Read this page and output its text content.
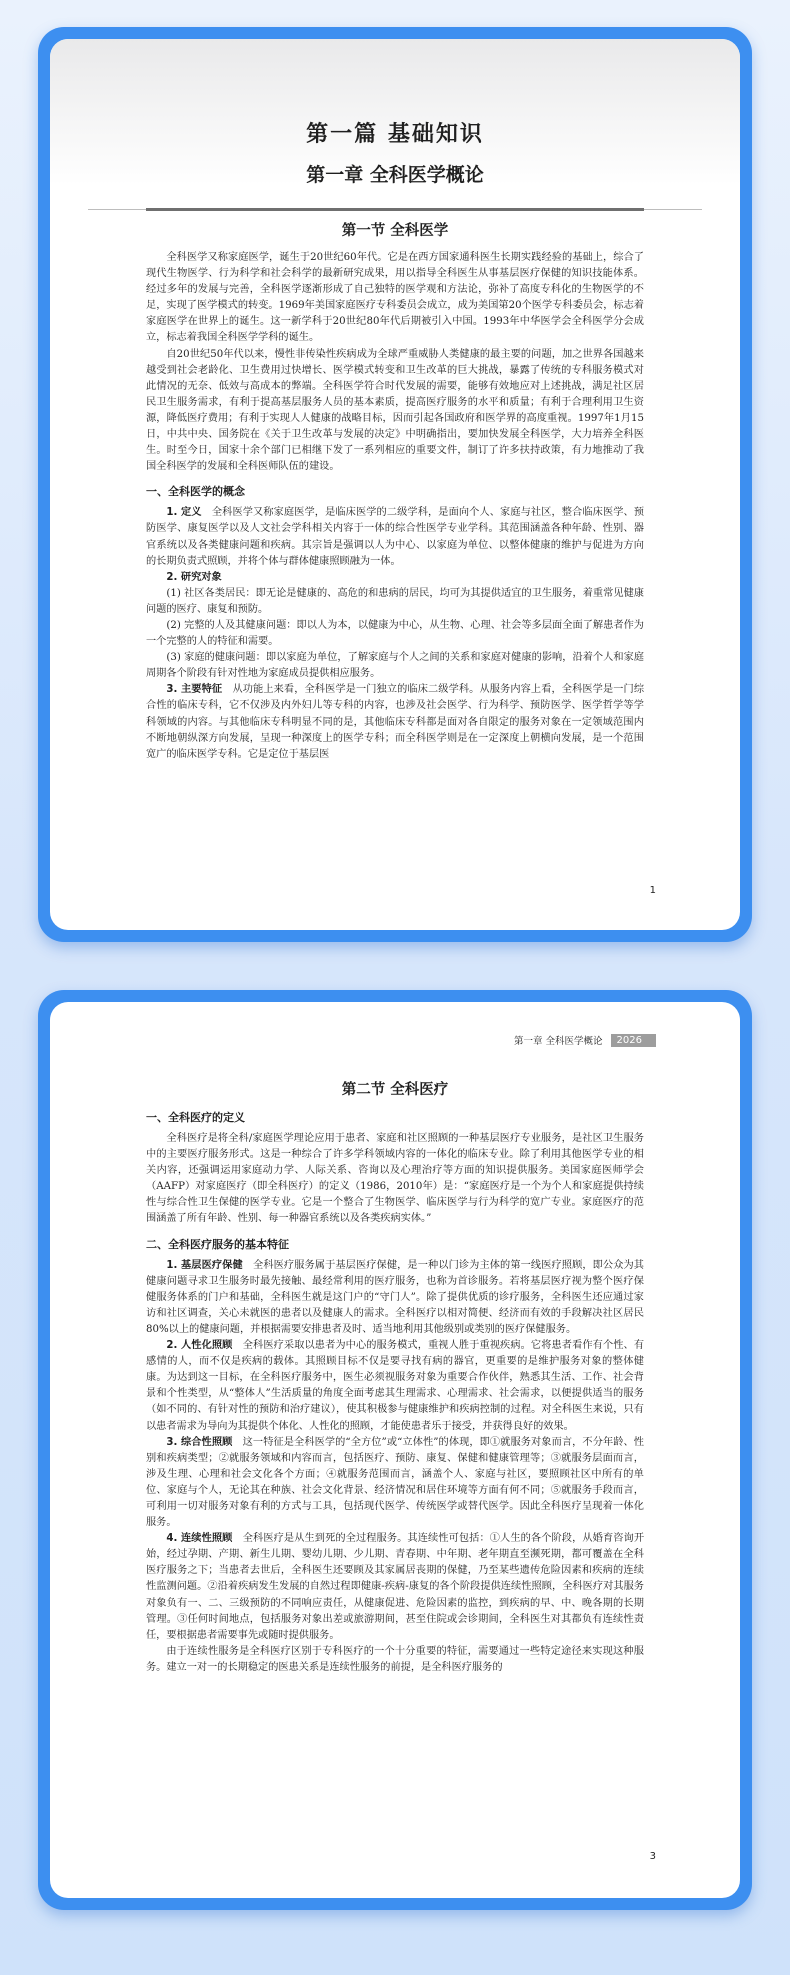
第一篇 基础知识
第一章 全科医学概论
第一节 全科医学

全科医学又称家庭医学，诞生于20世纪60年代。它是在西方国家通科医生长期实践经验的基础上，综合了现代生物医学、行为科学和社会科学的最新研究成果，用以指导全科医生从事基层医疗保健的知识技能体系。经过多年的发展与完善，全科医学逐渐形成了自己独特的医学观和方法论，弥补了高度专科化的生物医学的不足，实现了医学模式的转变。1969年美国家庭医疗专科委员会成立，成为美国第20个医学专科委员会，标志着家庭医学在世界上的诞生。这一新学科于20世纪80年代后期被引入中国。1993年中华医学会全科医学分会成立，标志着我国全科医学学科的诞生。

自20世纪50年代以来，慢性非传染性疾病成为全球严重威胁人类健康的最主要的问题，加之世界各国越来越受到社会老龄化、卫生费用过快增长、医学模式转变和卫生改革的巨大挑战，暴露了传统的专科服务模式对此情况的无奈、低效与高成本的弊端。全科医学符合时代发展的需要，能够有效地应对上述挑战，满足社区居民卫生服务需求，有利于提高基层服务人员的基本素质，提高医疗服务的水平和质量；有利于合理利用卫生资源，降低医疗费用；有利于实现人人健康的战略目标，因而引起各国政府和医学界的高度重视。1997年1月15日，中共中央、国务院在《关于卫生改革与发展的决定》中明确指出，要加快发展全科医学，大力培养全科医生。时至今日，国家十余个部门已相继下发了一系列相应的重要文件，制订了许多扶持政策，有力地推动了我国全科医学的发展和全科医师队伍的建设。

一、全科医学的概念

1. 定义　 全科医学又称家庭医学，是临床医学的二级学科，是面向个人、家庭与社区，整合临床医学、预防医学、康复医学以及人文社会学科相关内容于一体的综合性医学专业学科。其范围涵盖各种年龄、性别、器官系统以及各类健康问题和疾病。其宗旨是强调以人为中心、以家庭为单位、以整体健康的维护与促进为方向的长期负责式照顾，并将个体与群体健康照顾融为一体。

2. 研究对象

(1) 社区各类居民：即无论是健康的、高危的和患病的居民，均可为其提供适宜的卫生服务，着重常见健康问题的医疗、康复和预防。

(2) 完整的人及其健康问题：即以人为本，以健康为中心，从生物、心理、社会等多层面全面了解患者作为一个完整的人的特征和需要。

(3) 家庭的健康问题：即以家庭为单位，了解家庭与个人之间的关系和家庭对健康的影响，沿着个人和家庭周期各个阶段有针对性地为家庭成员提供相应服务。

3. 主要特征　 从功能上来看，全科医学是一门独立的临床二级学科。从服务内容上看，全科医学是一门综合性的临床专科，它不仅涉及内外妇儿等专科的内容，也涉及社会医学、行为科学、预防医学、医学哲学等学科领域的内容。与其他临床专科明显不同的是，其他临床专科都是面对各自限定的服务对象在一定领域范围内不断地朝纵深方向发展，呈现一种深度上的医学专科；而全科医学则是在一定深度上朝横向发展，是一个范围宽广的临床医学专科。它是定位于基层医

1
第一章 全科医学概论	2026
第二节 全科医疗
一、全科医疗的定义

全科医疗是将全科/家庭医学理论应用于患者、家庭和社区照顾的一种基层医疗专业服务，是社区卫生服务中的主要医疗服务形式。这是一种综合了许多学科领域内容的一体化的临床专业。除了利用其他医学专业的相关内容，还强调运用家庭动力学、人际关系、咨询以及心理治疗等方面的知识提供服务。美国家庭医师学会（AAFP）对家庭医疗（即全科医疗）的定义（1986，2010年）是：“家庭医疗是一个为个人和家庭提供持续性与综合性卫生保健的医学专业。它是一个整合了生物医学、临床医学与行为科学的宽广专业。家庭医疗的范围涵盖了所有年龄、性别、每一种器官系统以及各类疾病实体。”

二、全科医疗服务的基本特征

1. 基层医疗保健　 全科医疗服务属于基层医疗保健，是一种以门诊为主体的第一线医疗照顾，即公众为其健康问题寻求卫生服务时最先接触、最经常利用的医疗服务，也称为首诊服务。若将基层医疗视为整个医疗保健服务体系的门户和基础，全科医生就是这门户的“守门人”。除了提供优质的诊疗服务，全科医生还应通过家访和社区调查，关心未就医的患者以及健康人的需求。全科医疗以相对简便、经济而有效的手段解决社区居民80%以上的健康问题，并根据需要安排患者及时、适当地利用其他级别或类别的医疗保健服务。

2. 人性化照顾　 全科医疗采取以患者为中心的服务模式，重视人胜于重视疾病。它将患者看作有个性、有感情的人，而不仅是疾病的载体。其照顾目标不仅是要寻找有病的器官，更重要的是维护服务对象的整体健康。为达到这一目标，在全科医疗服务中，医生必须视服务对象为重要合作伙伴，熟悉其生活、工作、社会背景和个性类型，从“整体人”生活质量的角度全面考虑其生理需求、心理需求、社会需求，以便提供适当的服务（如不同的、有针对性的预防和治疗建议），使其积极参与健康维护和疾病控制的过程。对全科医生来说，只有以患者需求为导向为其提供个体化、人性化的照顾，才能使患者乐于接受，并获得良好的效果。

3. 综合性照顾　 这一特征是全科医学的“全方位”或“立体性”的体现，即①就服务对象而言，不分年龄、性别和疾病类型；②就服务领域和内容而言，包括医疗、预防、康复、保健和健康管理等；③就服务层面而言，涉及生理、心理和社会文化各个方面；④就服务范围而言，涵盖个人、家庭与社区，要照顾社区中所有的单位、家庭与个人，无论其在种族、社会文化背景、经济情况和居住环境等方面有何不同；⑤就服务手段而言，可利用一切对服务对象有利的方式与工具，包括现代医学、传统医学或替代医学。因此全科医疗呈现着一体化服务。

4. 连续性照顾　 全科医疗是从生到死的全过程服务。其连续性可包括：①人生的各个阶段，从婚育咨询开始，经过孕期、产期、新生儿期、婴幼儿期、少儿期、青春期、中年期、老年期直至濒死期，都可覆盖在全科医疗服务之下；当患者去世后，全科医生还要顾及其家属居丧期的保健，乃至某些遗传危险因素和疾病的连续性监测问题。②沿着疾病发生发展的自然过程即健康-疾病-康复的各个阶段提供连续性照顾，全科医疗对其服务对象负有一、二、三级预防的不同响应责任，从健康促进、危险因素的监控，到疾病的早、中、晚各期的长期管理。③任何时间地点，包括服务对象出差或旅游期间，甚至住院或会诊期间，全科医生对其都负有连续性责任，要根据患者需要事先或随时提供服务。

由于连续性服务是全科医疗区别于专科医疗的一个十分重要的特征，需要通过一些特定途径来实现这种服务。建立一对一的长期稳定的医患关系是连续性服务的前提，是全科医疗服务的

3
